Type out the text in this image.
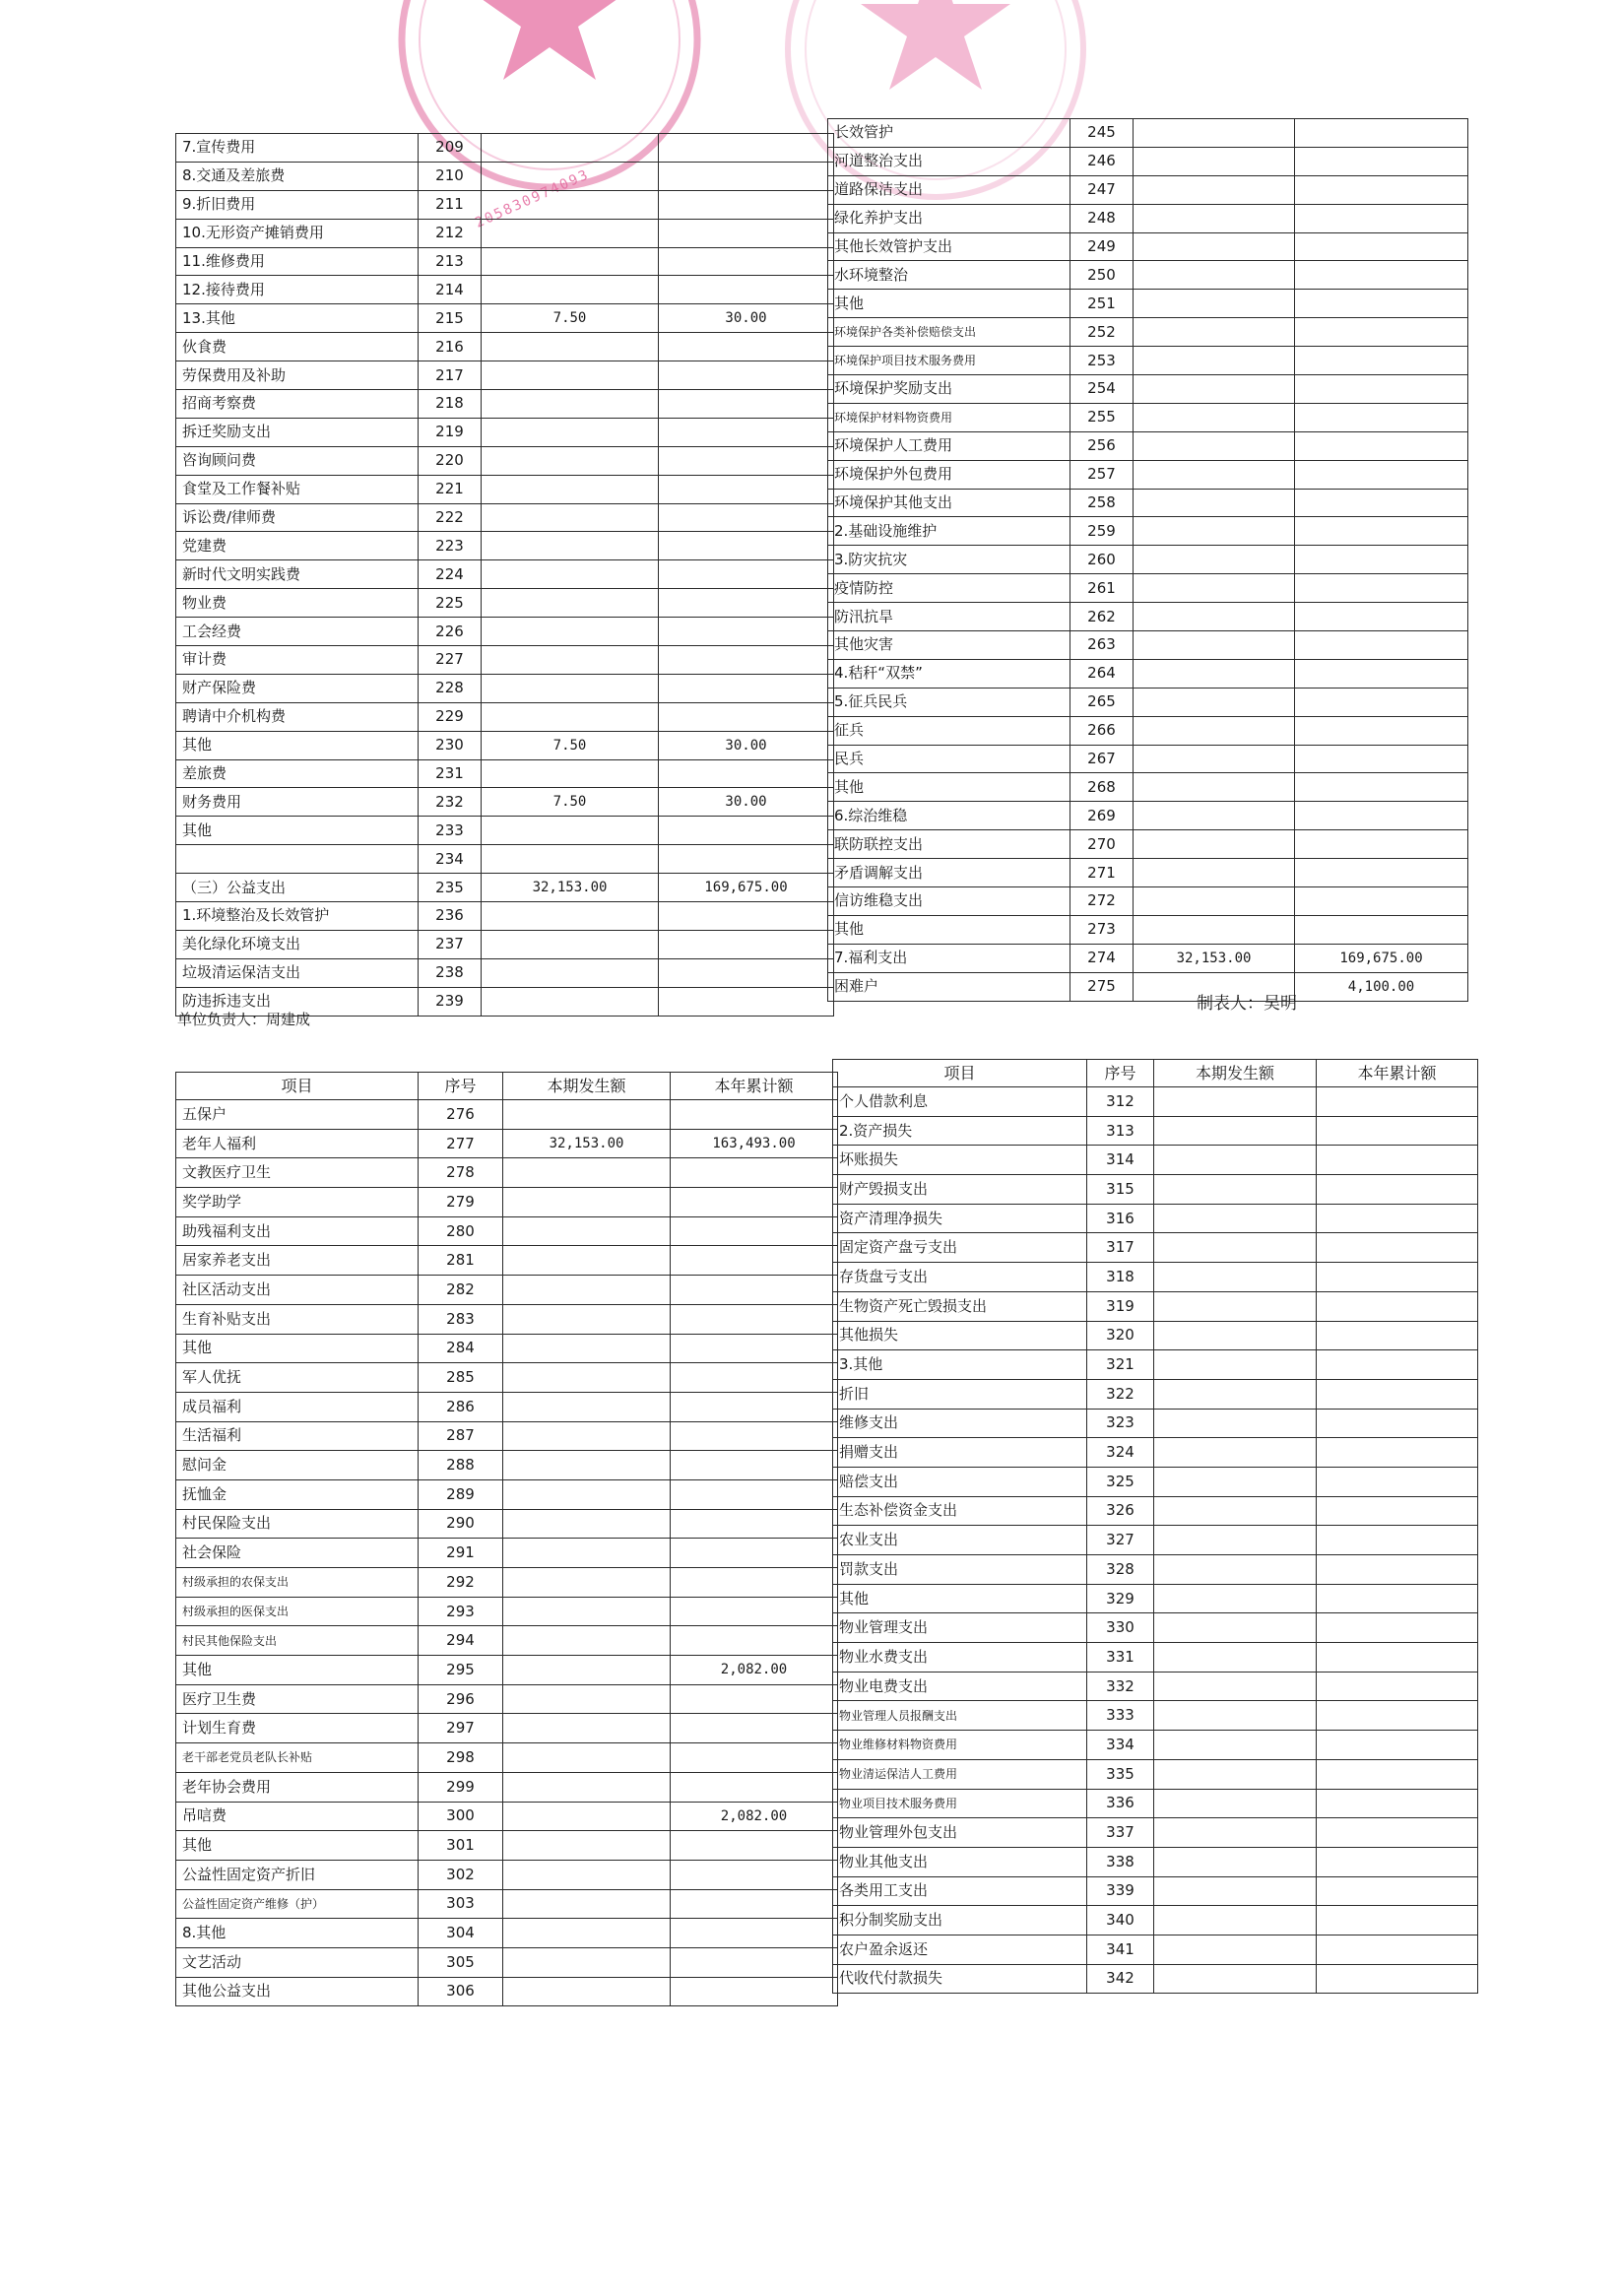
205830974093
7.宣传费用	209		
8.交通及差旅费	210		
9.折旧费用	211		
10.无形资产摊销费用	212		
11.维修费用	213		
12.接待费用	214		
13.其他	215	7.50	30.00
伙食费	216		
劳保费用及补助	217		
招商考察费	218		
拆迁奖励支出	219		
咨询顾问费	220		
食堂及工作餐补贴	221		
诉讼费/律师费	222		
党建费	223		
新时代文明实践费	224		
物业费	225		
工会经费	226		
审计费	227		
财产保险费	228		
聘请中介机构费	229		
其他	230	7.50	30.00
差旅费	231		
财务费用	232	7.50	30.00
其他	233		
	234		
（三）公益支出	235	32,153.00	169,675.00
1.环境整治及长效管护	236		
美化绿化环境支出	237		
垃圾清运保洁支出	238		
防违拆违支出	239		
长效管护	245		
河道整治支出	246		
道路保洁支出	247		
绿化养护支出	248		
其他长效管护支出	249		
水环境整治	250		
其他	251		
环境保护各类补偿赔偿支出	252		
环境保护项目技术服务费用	253		
环境保护奖励支出	254		
环境保护材料物资费用	255		
环境保护人工费用	256		
环境保护外包费用	257		
环境保护其他支出	258		
2.基础设施维护	259		
3.防灾抗灾	260		
疫情防控	261		
防汛抗旱	262		
其他灾害	263		
4.秸秆“双禁”	264		
5.征兵民兵	265		
征兵	266		
民兵	267		
其他	268		
6.综治维稳	269		
联防联控支出	270		
矛盾调解支出	271		
信访维稳支出	272		
其他	273		
7.福利支出	274	32,153.00	169,675.00
困难户	275		4,100.00
单位负责人：周建成
制表人：吴明
项目	序号	本期发生额	本年累计额
五保户	276		
老年人福利	277	32,153.00	163,493.00
文教医疗卫生	278		
奖学助学	279		
助残福利支出	280		
居家养老支出	281		
社区活动支出	282		
生育补贴支出	283		
其他	284		
军人优抚	285		
成员福利	286		
生活福利	287		
慰问金	288		
抚恤金	289		
村民保险支出	290		
社会保险	291		
村级承担的农保支出	292		
村级承担的医保支出	293		
村民其他保险支出	294		
其他	295		2,082.00
医疗卫生费	296		
计划生育费	297		
老干部老党员老队长补贴	298		
老年协会费用	299		
吊唁费	300		2,082.00
其他	301		
公益性固定资产折旧	302		
公益性固定资产维修（护）	303		
8.其他	304		
文艺活动	305		
其他公益支出	306		
项目	序号	本期发生额	本年累计额
个人借款利息	312		
2.资产损失	313		
坏账损失	314		
财产毁损支出	315		
资产清理净损失	316		
固定资产盘亏支出	317		
存货盘亏支出	318		
生物资产死亡毁损支出	319		
其他损失	320		
3.其他	321		
折旧	322		
维修支出	323		
捐赠支出	324		
赔偿支出	325		
生态补偿资金支出	326		
农业支出	327		
罚款支出	328		
其他	329		
物业管理支出	330		
物业水费支出	331		
物业电费支出	332		
物业管理人员报酬支出	333		
物业维修材料物资费用	334		
物业清运保洁人工费用	335		
物业项目技术服务费用	336		
物业管理外包支出	337		
物业其他支出	338		
各类用工支出	339		
积分制奖励支出	340		
农户盈余返还	341		
代收代付款损失	342		
